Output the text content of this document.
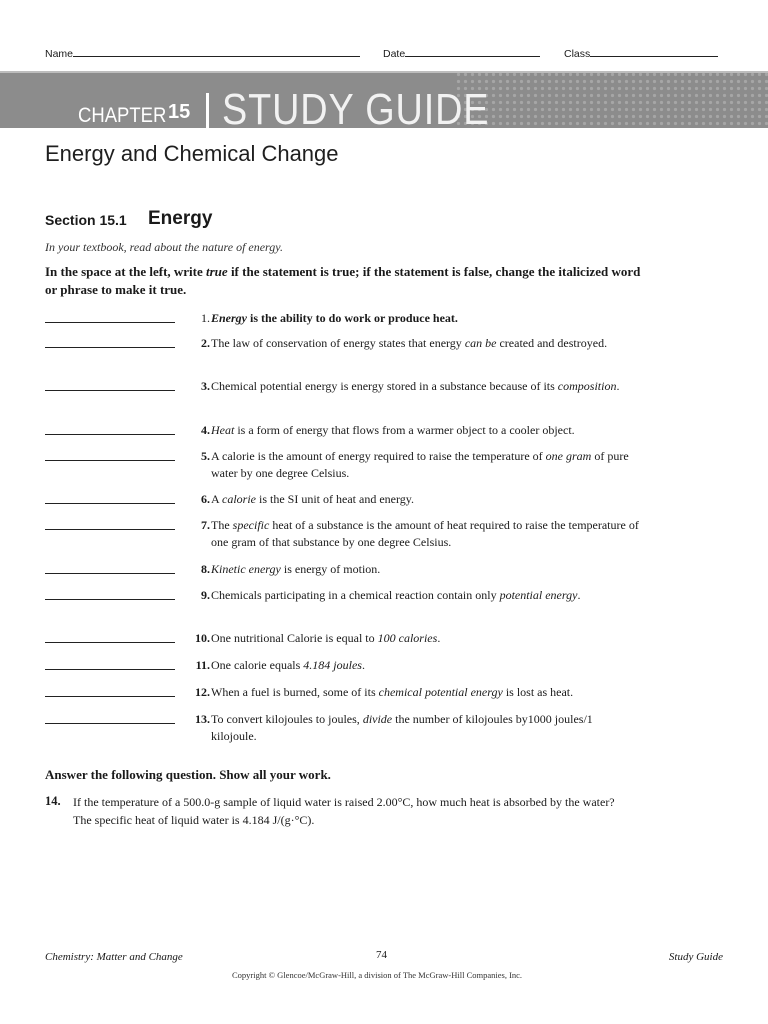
Name	Date	Class
CHAPTER 15 STUDY GUIDE
Energy and Chemical Change
Section 15.1 Energy
In your textbook, read about the nature of energy.
In the space at the left, write true if the statement is true; if the statement is false, change the italicized word or phrase to make it true.
1. Energy is the ability to do work or produce heat.
2. The law of conservation of energy states that energy can be created and destroyed.
3. Chemical potential energy is energy stored in a substance because of its composition.
4. Heat is a form of energy that flows from a warmer object to a cooler object.
5. A calorie is the amount of energy required to raise the temperature of one gram of pure water by one degree Celsius.
6. A calorie is the SI unit of heat and energy.
7. The specific heat of a substance is the amount of heat required to raise the temperature of one gram of that substance by one degree Celsius.
8. Kinetic energy is energy of motion.
9. Chemicals participating in a chemical reaction contain only potential energy.
10. One nutritional Calorie is equal to 100 calories.
11. One calorie equals 4.184 joules.
12. When a fuel is burned, some of its chemical potential energy is lost as heat.
13. To convert kilojoules to joules, divide the number of kilojoules by1000 joules/1 kilojoule.
Answer the following question. Show all your work.
14. If the temperature of a 500.0-g sample of liquid water is raised 2.00°C, how much heat is absorbed by the water? The specific heat of liquid water is 4.184 J/(g·°C).
Chemistry: Matter and Change	74	Study Guide
Copyright © Glencoe/McGraw-Hill, a division of The McGraw-Hill Companies, Inc.
